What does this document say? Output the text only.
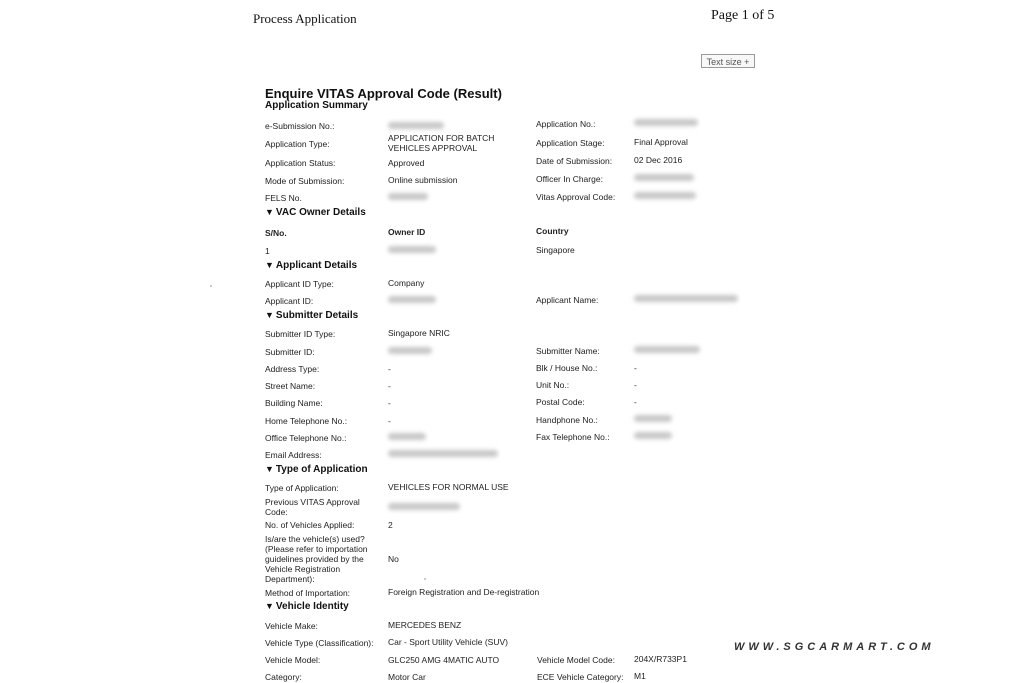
Process Application	Page 1 of 5
Text size +
Enquire VITAS Approval Code (Result)
Application Summary
e-Submission No.:	Application No.:
Application Type:
APPLICATION FOR BATCH
VEHICLES APPROVAL	Application Stage:	Final Approval
Application Status:	Approved	Date of Submission:	02 Dec 2016
Mode of Submission:	Online submission	Officer In Charge:
FELS No.	Vitas Approval Code:
▼ VAC Owner Details
S/No.	Owner ID	Country
1	Singapore
▼ Applicant Details
Applicant ID Type:	Company
Applicant ID:	Applicant Name:
▼ Submitter Details
Submitter ID Type:	Singapore NRIC
Submitter ID:	Submitter Name:
Address Type:	-	Blk / House No.:	-
Street Name:	-	Unit No.:	-
Building Name:	-	Postal Code:	-
Home Telephone No.:	-	Handphone No.:
Office Telephone No.:	Fax Telephone No.:
Email Address:
▼ Type of Application
Type of Application:	VEHICLES FOR NORMAL USE
Previous VITAS Approval
Code:
No. of Vehicles Applied:	2
Is/are the vehicle(s) used?
(Please refer to importation
guidelines provided by the
Vehicle Registration
Department):
No
Method of Importation:	Foreign Registration and De-registration
▼ Vehicle Identity
Vehicle Make:	MERCEDES BENZ
Vehicle Type (Classification): Car - Sport Utility Vehicle (SUV)
Vehicle Model:	GLC250 AMG 4MATIC AUTO	Vehicle Model Code: 204X/R733P1
Category:	Motor Car	ECE Vehicle Category: M1
WWW.SGCARMART.COM
